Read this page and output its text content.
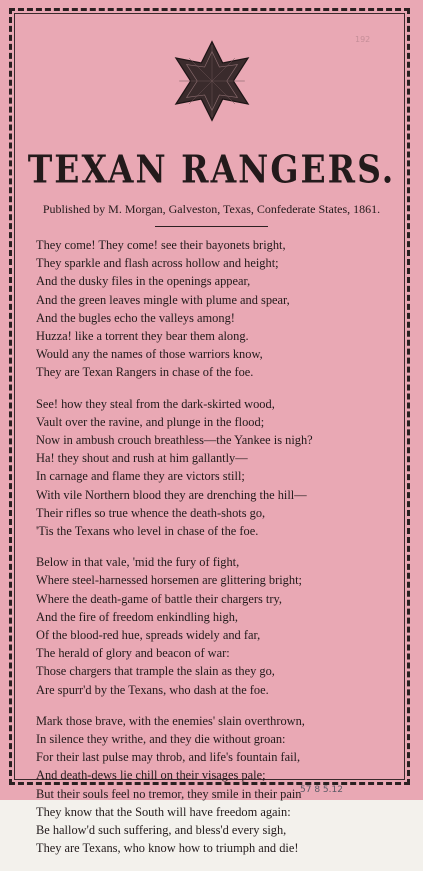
192
TEXAN RANGERS.
Published by M. Morgan, Galveston, Texas, Confederate States, 1861.
They come! They come! see their bayonets bright,
They sparkle and flash across hollow and height;
And the dusky files in the openings appear,
And the green leaves mingle with plume and spear,
And the bugles echo the valleys among!
Huzza! like a torrent they bear them along.
Would any the names of those warriors know,
They are Texan Rangers in chase of the foe.
See! how they steal from the dark-skirted wood,
Vault over the ravine, and plunge in the flood;
Now in ambush crouch breathless—the Yankee is nigh?
Ha! they shout and rush at him gallantly—
In carnage and flame they are victors still;
With vile Northern blood they are drenching the hill—
Their rifles so true whence the death-shots go,
'Tis the Texans who level in chase of the foe.
Below in that vale, 'mid the fury of fight,
Where steel-harnessed horsemen are glittering bright;
Where the death-game of battle their chargers try,
And the fire of freedom enkindling high,
Of the blood-red hue, spreads widely and far,
The herald of glory and beacon of war:
Those chargers that trample the slain as they go,
Are spurr'd by the Texans, who dash at the foe.
Mark those brave, with the enemies' slain overthrown,
In silence they writhe, and they die without groan:
For their last pulse may throb, and life's fountain fail,
And death-dews lie chill on their visages pale;
But their souls feel no tremor, they smile in their pain
They know that the South will have freedom again:
Be hallow'd such suffering, and bless'd every sigh,
They are Texans, who know how to triumph and die!
57 8 5.12
